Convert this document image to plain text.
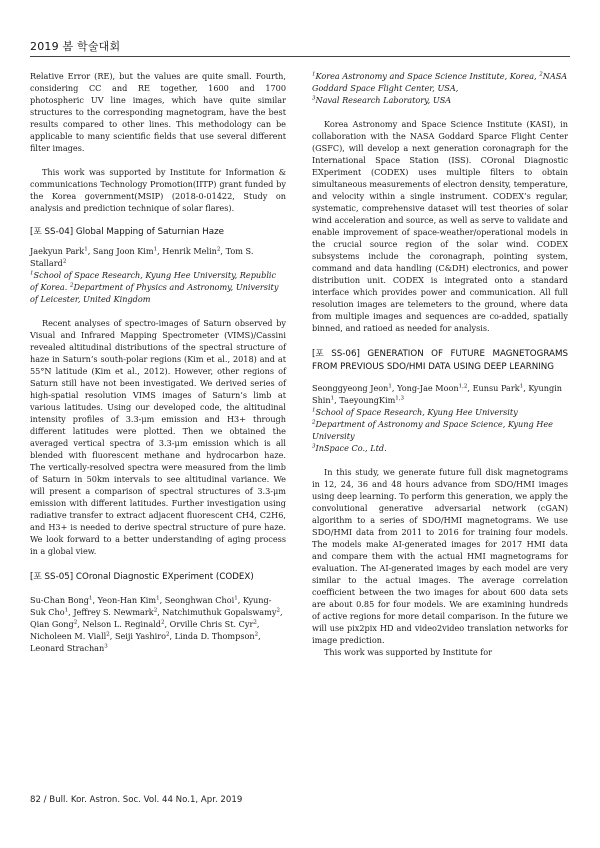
2019 봄 학술대회

Relative Error (RE), but the values are quite small. Fourth, considering CC and RE together, 1600 and 1700 photospheric UV line images, which have quite similar structures to the corresponding magnetogram, have the best results compared to other lines. This methodology can be applicable to many scientific fields that use several different filter images.

This work was supported by Institute for Information & communications Technology Promotion(IITP) grant funded by the Korea government(MSIP) (2018-0-01422, Study on analysis and prediction technique of solar flares).

[포 SS-04] Global Mapping of Saturnian Haze

Jaekyun Park$^1$, Sang Joon Kim$^1$, Henrik Melin$^2$, Tom S. Stallard$^2$

$^1$School of Space Research, Kyung Hee University, Republic of Korea. $^2$Department of Physics and Astronomy, University of Leicester, United Kingdom

Recent analyses of spectro-images of Saturn observed by Visual and Infrared Mapping Spectrometer (VIMS)/Cassini revealed altitudinal distributions of the spectral structure of haze in Saturn’s south-polar regions (Kim et al., 2018) and at 55°N latitude (Kim et al., 2012). However, other regions of Saturn still have not been investigated. We derived series of high-spatial resolution VIMS images of Saturn’s limb at various latitudes. Using our developed code, the altitudinal intensity profiles of 3.3-μm emission and H3+ through different latitudes were plotted. Then we obtained the averaged vertical spectra of 3.3-μm emission which is all blended with fluorescent methane and hydrocarbon haze. The vertically-resolved spectra were measured from the limb of Saturn in 50km intervals to see altitudinal variance. We will present a comparison of spectral structures of 3.3-μm emission with different latitudes. Further investigation using radiative transfer to extract adjacent fluorescent CH4, C2H6, and H3+ is needed to derive spectral structure of pure haze. We look forward to a better understanding of aging process in a global view.

[포 SS-05] COronal Diagnostic EXperiment (CODEX)

Su-Chan Bong$^1$, Yeon-Han Kim$^1$, Seonghwan Choi$^1$, Kyung-Suk Cho$^1$, Jeffrey S. Newmark$^2$, Natchimuthuk Gopalswamy$^2$, Qian Gong$^2$, Nelson L. Reginald$^2$, Orville Chris St. Cyr$^2$, Nicholeen M. Viall$^2$, Seiji Yashiro$^2$, Linda D. Thompson$^2$, Leonard Strachan$^3$

$^1$Korea Astronomy and Space Science Institute, Korea, $^2$NASA Goddard Space Flight Center, USA,
$^3$Naval Research Laboratory, USA

Korea Astronomy and Space Science Institute (KASI), in collaboration with the NASA Goddard Sparce Flight Center (GSFC), will develop a next generation coronagraph for the International Space Station (ISS). COronal Diagnostic EXperiment (CODEX) uses multiple filters to obtain simultaneous measurements of electron density, temperature, and velocity within a single instrument. CODEX’s regular, systematic, comprehensive dataset will test theories of solar wind acceleration and source, as well as serve to validate and enable improvement of space-weather/operational models in the crucial source region of the solar wind. CODEX subsystems include the coronagraph, pointing system, command and data handling (C&DH) electronics, and power distribution unit. CODEX is integrated onto a standard interface which provides power and communication. All full resolution images are telemeters to the ground, where data from multiple images and sequences are co-added, spatially binned, and ratioed as needed for analysis.

[포 SS-06] GENERATION OF FUTURE MAGNETOGRAMS FROM PREVIOUS SDO/HMI DATA USING DEEP LEARNING

Seonggyeong Jeon$^1$, Yong-Jae Moon$^{1,2}$, Eunsu Park$^1$, Kyungin Shin$^1$, TaeyoungKim$^{1,3}$

$^1$School of Space Research, Kyung Hee University
$^2$Department of Astronomy and Space Science, Kyung Hee University
$^3$InSpace Co., Ltd.

In this study, we generate future full disk magnetograms in 12, 24, 36 and 48 hours advance from SDO/HMI images using deep learning. To perform this generation, we apply the convolutional generative adversarial network (cGAN) algorithm to a series of SDO/HMI magnetograms. We use SDO/HMI data from 2011 to 2016 for training four models. The models make AI-generated images for 2017 HMI data and compare them with the actual HMI magnetograms for evaluation. The AI-generated images by each model are very similar to the actual images. The average correlation coefficient between the two images for about 600 data sets are about 0.85 for four models. We are examining hundreds of active regions for more detail comparison. In the future we will use pix2pix HD and video2video translation networks for image prediction.

This work was supported by Institute for

82 / Bull. Kor. Astron. Soc. Vol. 44 No.1, Apr. 2019
